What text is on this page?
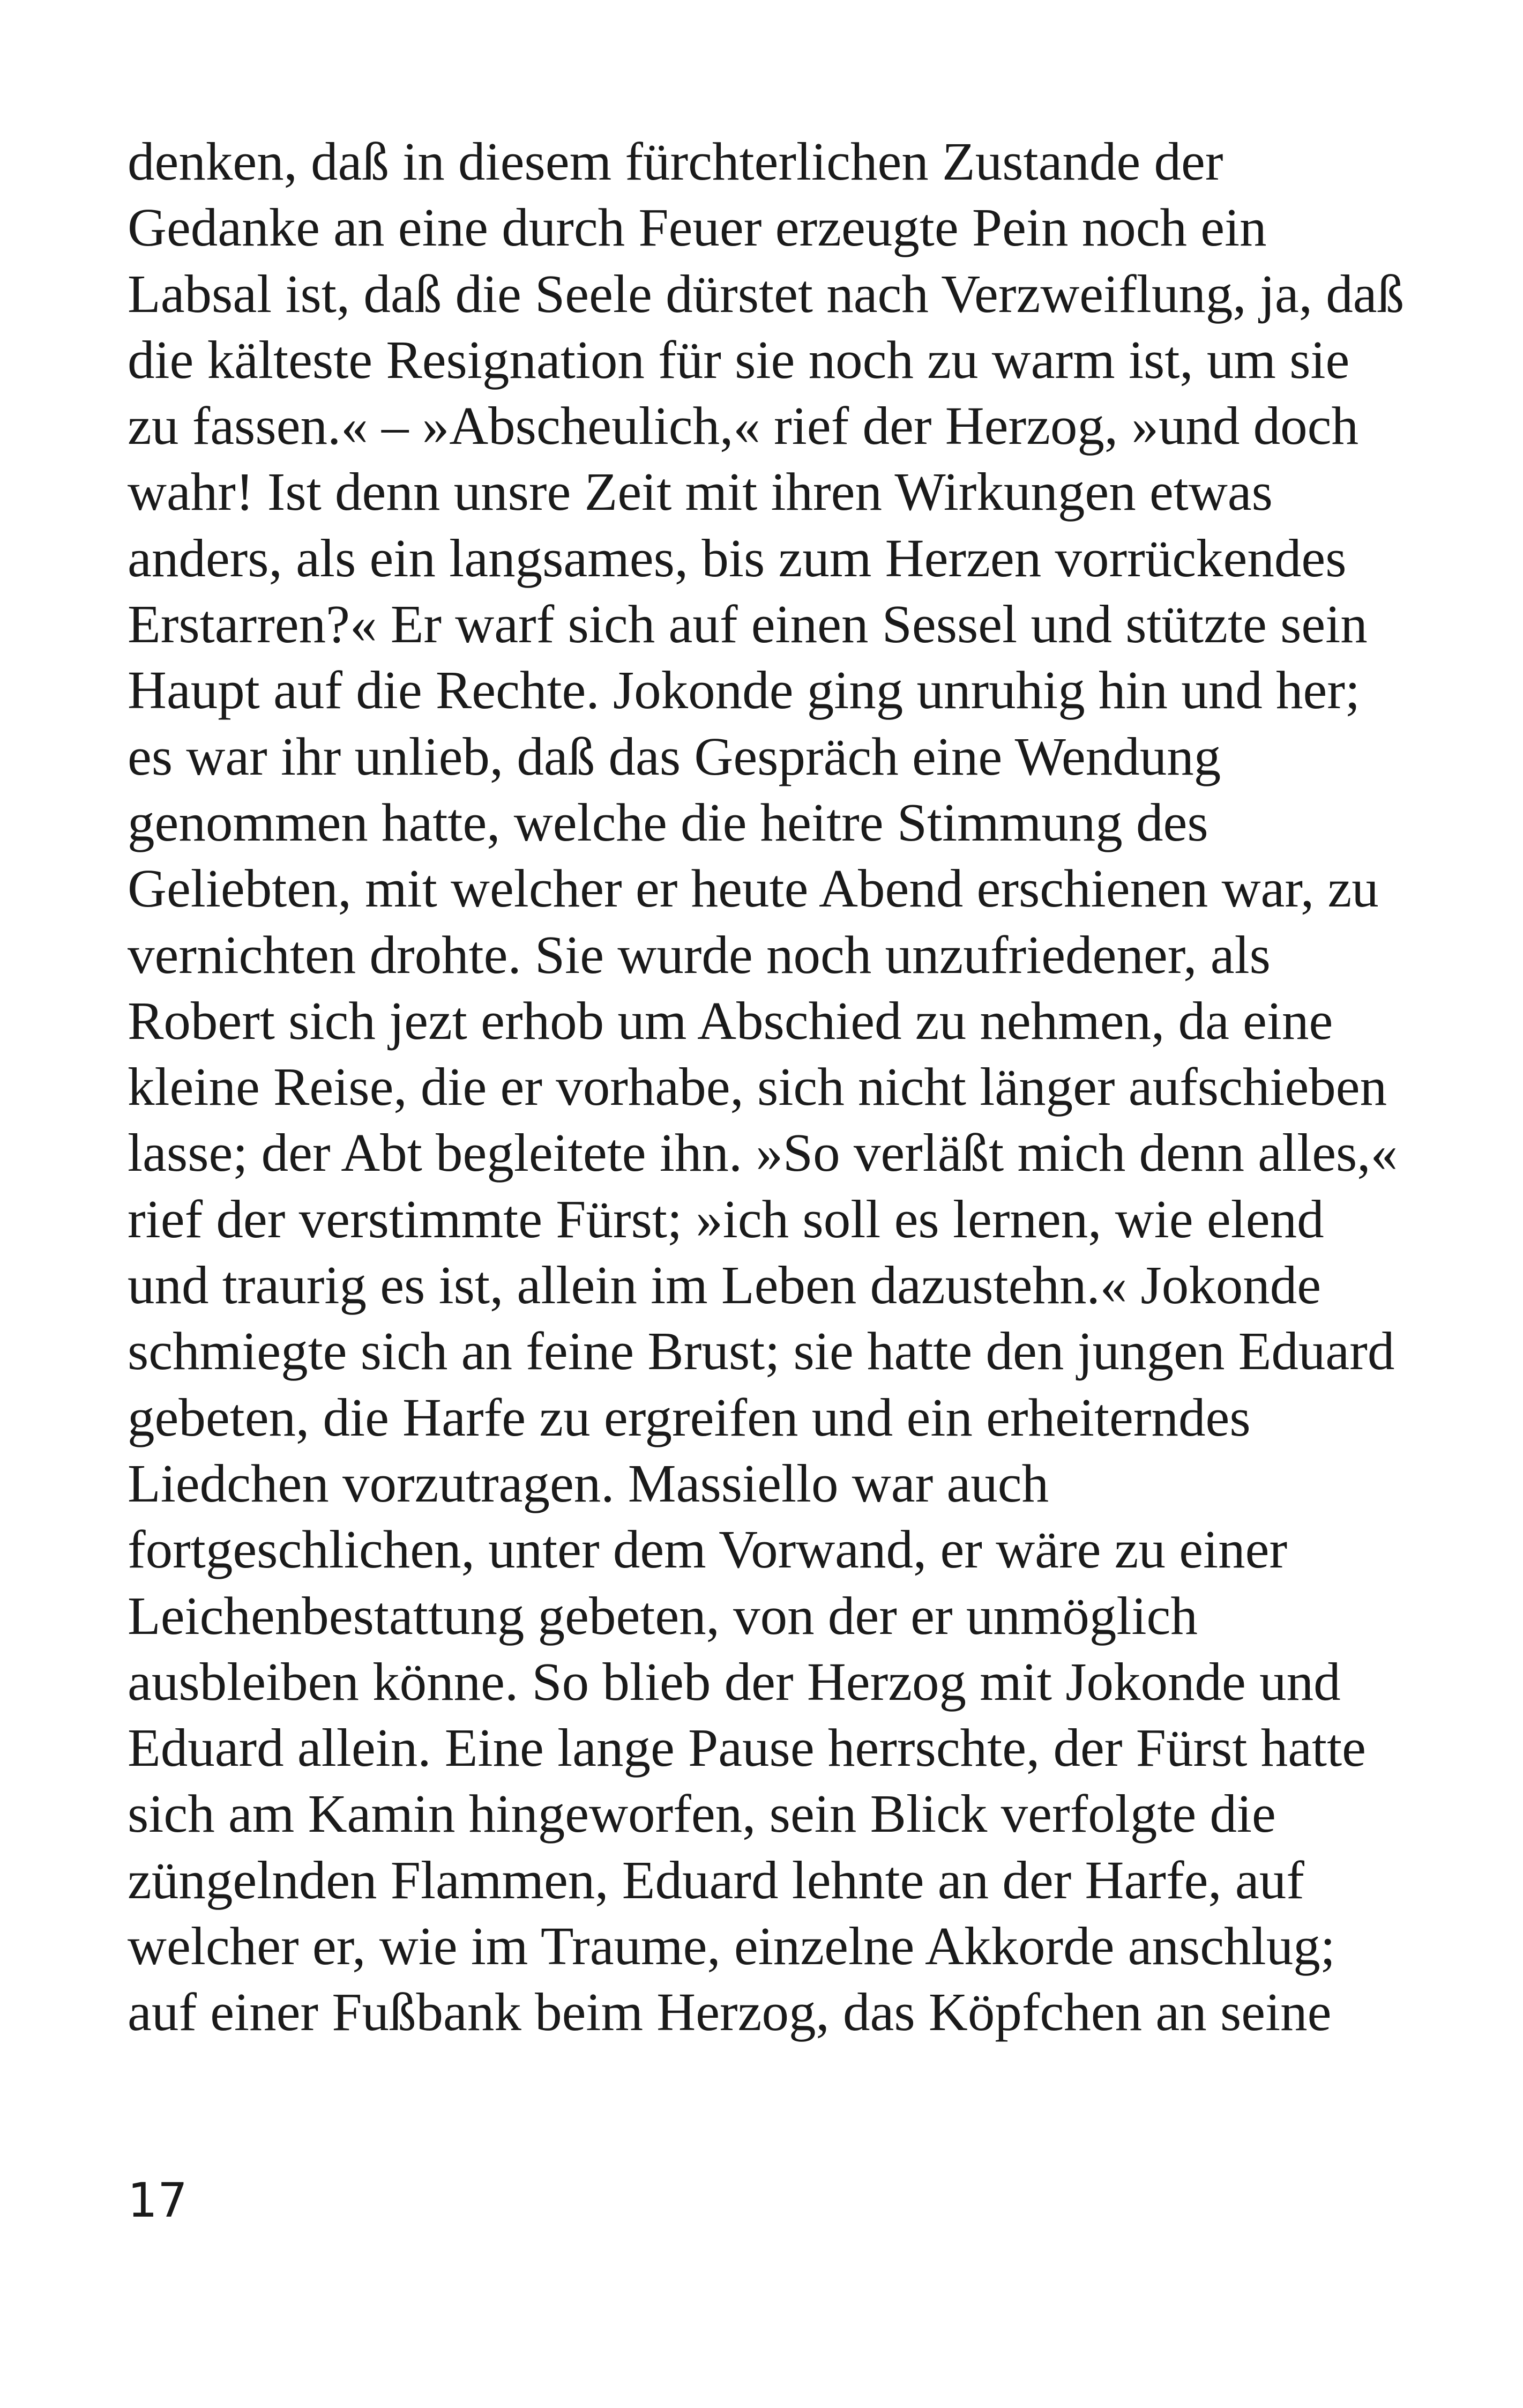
denken, daß in diesem fürchterlichen Zustande der
Gedanke an eine durch Feuer erzeugte Pein noch ein
Labsal ist, daß die Seele dürstet nach Verzweiflung, ja, daß
die kälteste Resignation für sie noch zu warm ist, um sie
zu fassen.« – »Abscheulich,« rief der Herzog, »und doch
wahr! Ist denn unsre Zeit mit ihren Wirkungen etwas
anders, als ein langsames, bis zum Herzen vorrückendes
Erstarren?« Er warf sich auf einen Sessel und stützte sein
Haupt auf die Rechte. Jokonde ging unruhig hin und her;
es war ihr unlieb, daß das Gespräch eine Wendung
genommen hatte, welche die heitre Stimmung des
Geliebten, mit welcher er heute Abend erschienen war, zu
vernichten drohte. Sie wurde noch unzufriedener, als
Robert sich jezt erhob um Abschied zu nehmen, da eine
kleine Reise, die er vorhabe, sich nicht länger aufschieben
lasse; der Abt begleitete ihn. »So verläßt mich denn alles,«
rief der verstimmte Fürst; »ich soll es lernen, wie elend
und traurig es ist, allein im Leben dazustehn.« Jokonde
schmiegte sich an feine Brust; sie hatte den jungen Eduard
gebeten, die Harfe zu ergreifen und ein erheiterndes
Liedchen vorzutragen. Massiello war auch
fortgeschlichen, unter dem Vorwand, er wäre zu einer
Leichenbestattung gebeten, von der er unmöglich
ausbleiben könne. So blieb der Herzog mit Jokonde und
Eduard allein. Eine lange Pause herrschte, der Fürst hatte
sich am Kamin hingeworfen, sein Blick verfolgte die
züngelnden Flammen, Eduard lehnte an der Harfe, auf
welcher er, wie im Traume, einzelne Akkorde anschlug;
auf einer Fußbank beim Herzog, das Köpfchen an seine
17
